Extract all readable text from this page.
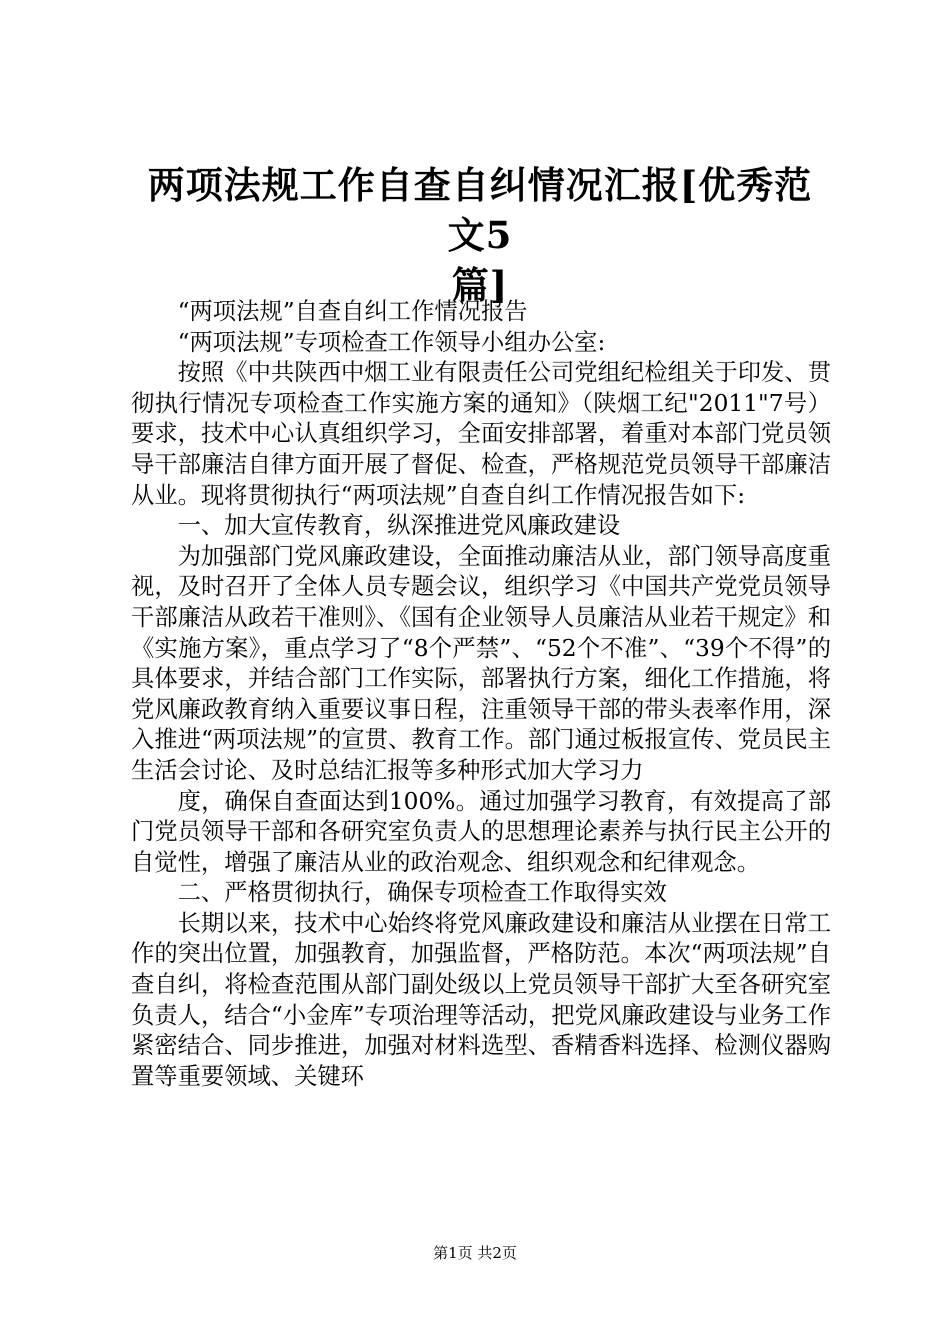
两项法规工作自查自纠情况汇报[优秀范文5
篇]

“两项法规”自查自纠工作情况报告

“两项法规”专项检查工作领导小组办公室:

按照《中共陕西中烟工业有限责任公司党组纪检组关于印发、贯彻执行情况专项检查工作实施方案的通知》（陕烟工纪"2011"7号）要求，技术中心认真组织学习，全面安排部署，着重对本部门党员领导干部廉洁自律方面开展了督促、检查，严格规范党员领导干部廉洁从业。现将贯彻执行“两项法规”自查自纠工作情况报告如下:

一、加大宣传教育，纵深推进党风廉政建设

为加强部门党风廉政建设，全面推动廉洁从业，部门领导高度重视，及时召开了全体人员专题会议，组织学习《中国共产党党员领导干部廉洁从政若干准则》、《国有企业领导人员廉洁从业若干规定》和《实施方案》，重点学习了“8个严禁”、“52个不准”、“39个不得”的具体要求，并结合部门工作实际，部署执行方案，细化工作措施，将党风廉政教育纳入重要议事日程，注重领导干部的带头表率作用，深入推进“两项法规”的宣贯、教育工作。部门通过板报宣传、党员民主生活会讨论、及时总结汇报等多种形式加大学习力

度，确保自查面达到100%。通过加强学习教育，有效提高了部门党员领导干部和各研究室负责人的思想理论素养与执行民主公开的自觉性，增强了廉洁从业的政治观念、组织观念和纪律观念。

二、严格贯彻执行，确保专项检查工作取得实效

长期以来，技术中心始终将党风廉政建设和廉洁从业摆在日常工作的突出位置，加强教育，加强监督，严格防范。本次“两项法规”自查自纠，将检查范围从部门副处级以上党员领导干部扩大至各研究室负责人，结合“小金库”专项治理等活动，把党风廉政建设与业务工作紧密结合、同步推进，加强对材料选型、香精香料选择、检测仪器购置等重要领域、关键环

第1页 共2页
